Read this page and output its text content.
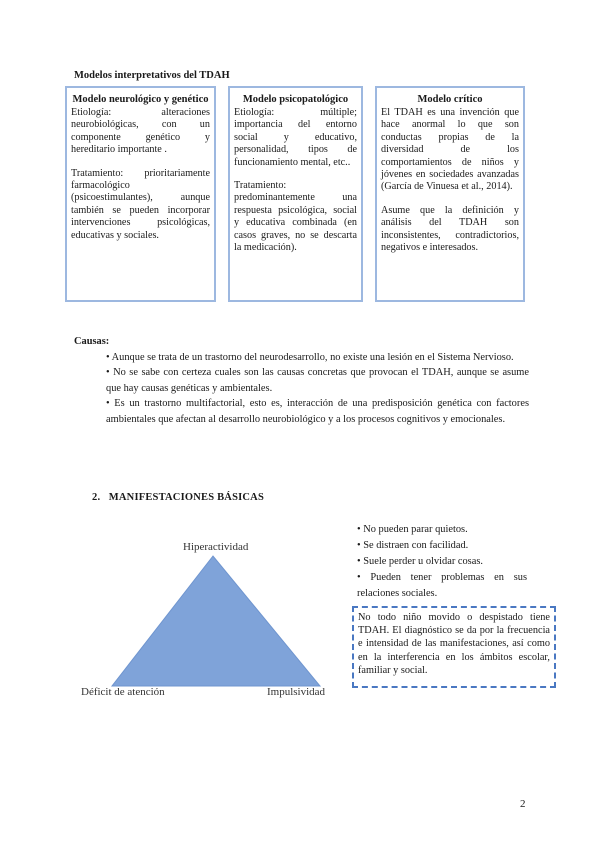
Modelos interpretativos del TDAH
Modelo neurológico y genético

Etiología: alteraciones neurobiológicas, con un componente genético y hereditario importante .

Tratamiento: prioritariamente farmacológico (psicoestimulantes), aunque también se pueden incorporar intervenciones psicológicas, educativas y sociales.

Modelo psicopatológico

Etiología: múltiple; importancia del entorno social y educativo, personalidad, tipos de funcionamiento mental, etc..

Tratamiento: predominantemente una respuesta psicológica, social y educativa combinada (en casos graves, no se descarta la medicación).

Modelo crítico

El TDAH es una invención que hace anormal lo que son conductas propias de la diversidad de los comportamientos de niños y jóvenes en sociedades avanzadas (García de Vinuesa et al., 2014).

Asume que la definición y análisis del TDAH son inconsistentes, contradictorios, negativos e interesados.

Causas:
• Aunque se trata de un trastorno del neurodesarrollo, no existe una lesión en el Sistema Nervioso.
• No se sabe con certeza cuales son las causas concretas que provocan el TDAH, aunque se asume que hay causas genéticas y ambientales.
• Es un trastorno multifactorial, esto es, interacción de una predisposición genética con factores ambientales que afectan al desarrollo neurobiológico y a los procesos cognitivos y emocionales.
2. MANIFESTACIONES BÁSICAS
Hiperactividad
Déficit de atención	Impulsividad
• No pueden parar quietos.
• Se distraen con facilidad.
• Suele perder u olvidar cosas.
• Pueden tener problemas en sus relaciones sociales.
No todo niño movido o despistado tiene TDAH. El diagnóstico se da por la frecuencia e intensidad de las manifestaciones, así como en la interferencia en los ámbitos escolar, familiar y social.
2
